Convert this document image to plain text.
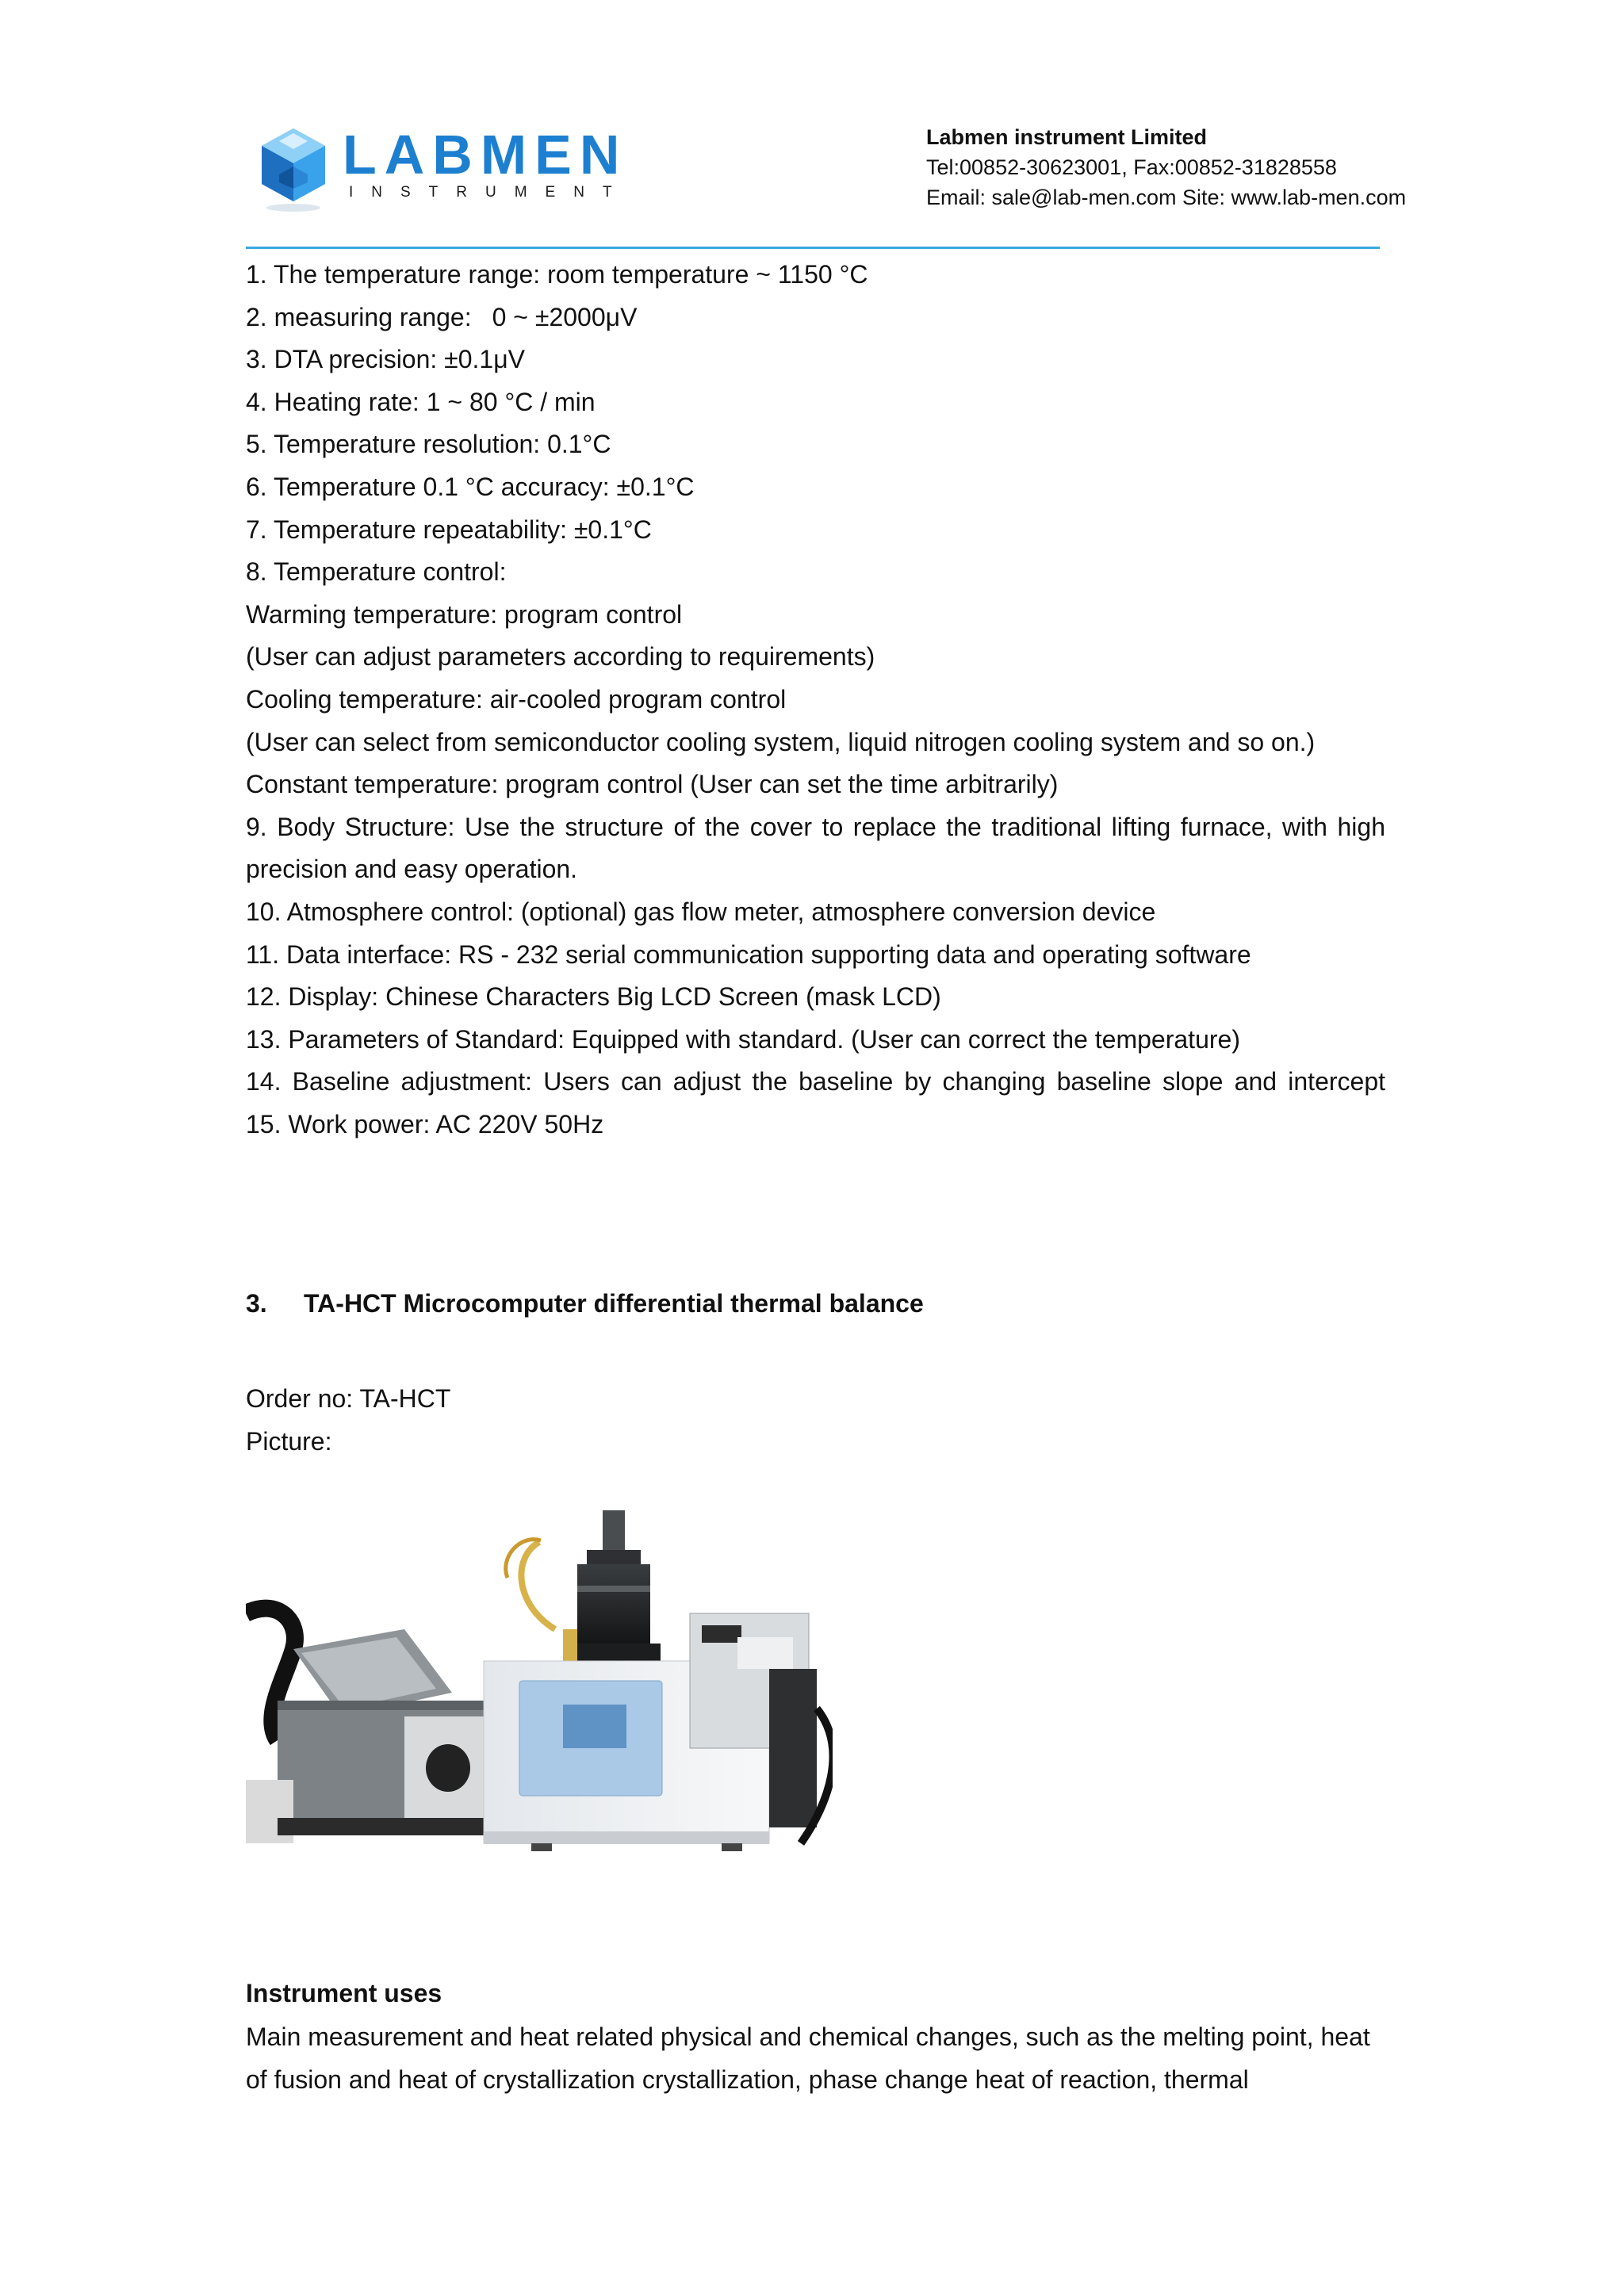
LABMEN
INSTRUMENT
Labmen instrument Limited
Tel:00852-30623001, Fax:00852-31828558
Email: sale@lab-men.com Site: www.lab-men.com
1. The temperature range: room temperature ~ 1150 °C
2. measuring range: 0 ~ ±2000μV
3. DTA precision: ±0.1μV
4. Heating rate: 1 ~ 80 °C / min
5. Temperature resolution: 0.1°C
6. Temperature 0.1 °C accuracy: ±0.1°C
7. Temperature repeatability: ±0.1°C
8. Temperature control:
Warming temperature: program control
(User can adjust parameters according to requirements)
Cooling temperature: air-cooled program control
(User can select from semiconductor cooling system, liquid nitrogen cooling system and so on.)
Constant temperature: program control (User can set the time arbitrarily)
9. Body Structure: Use the structure of the cover to replace the traditional lifting furnace, with high precision and easy operation.
10. Atmosphere control: (optional) gas flow meter, atmosphere conversion device
11. Data interface: RS - 232 serial communication supporting data and operating software
12. Display: Chinese Characters Big LCD Screen (mask LCD)
13. Parameters of Standard: Equipped with standard. (User can correct the temperature)
14. Baseline adjustment: Users can adjust the baseline by changing baseline slope and intercept
15. Work power: AC 220V 50Hz
3. TA-HCT Microcomputer differential thermal balance
Order no: TA-HCT
Picture:
Instrument uses
Main measurement and heat related physical and chemical changes, such as the melting point, heat of fusion and heat of crystallization crystallization, phase change heat of reaction, thermal
